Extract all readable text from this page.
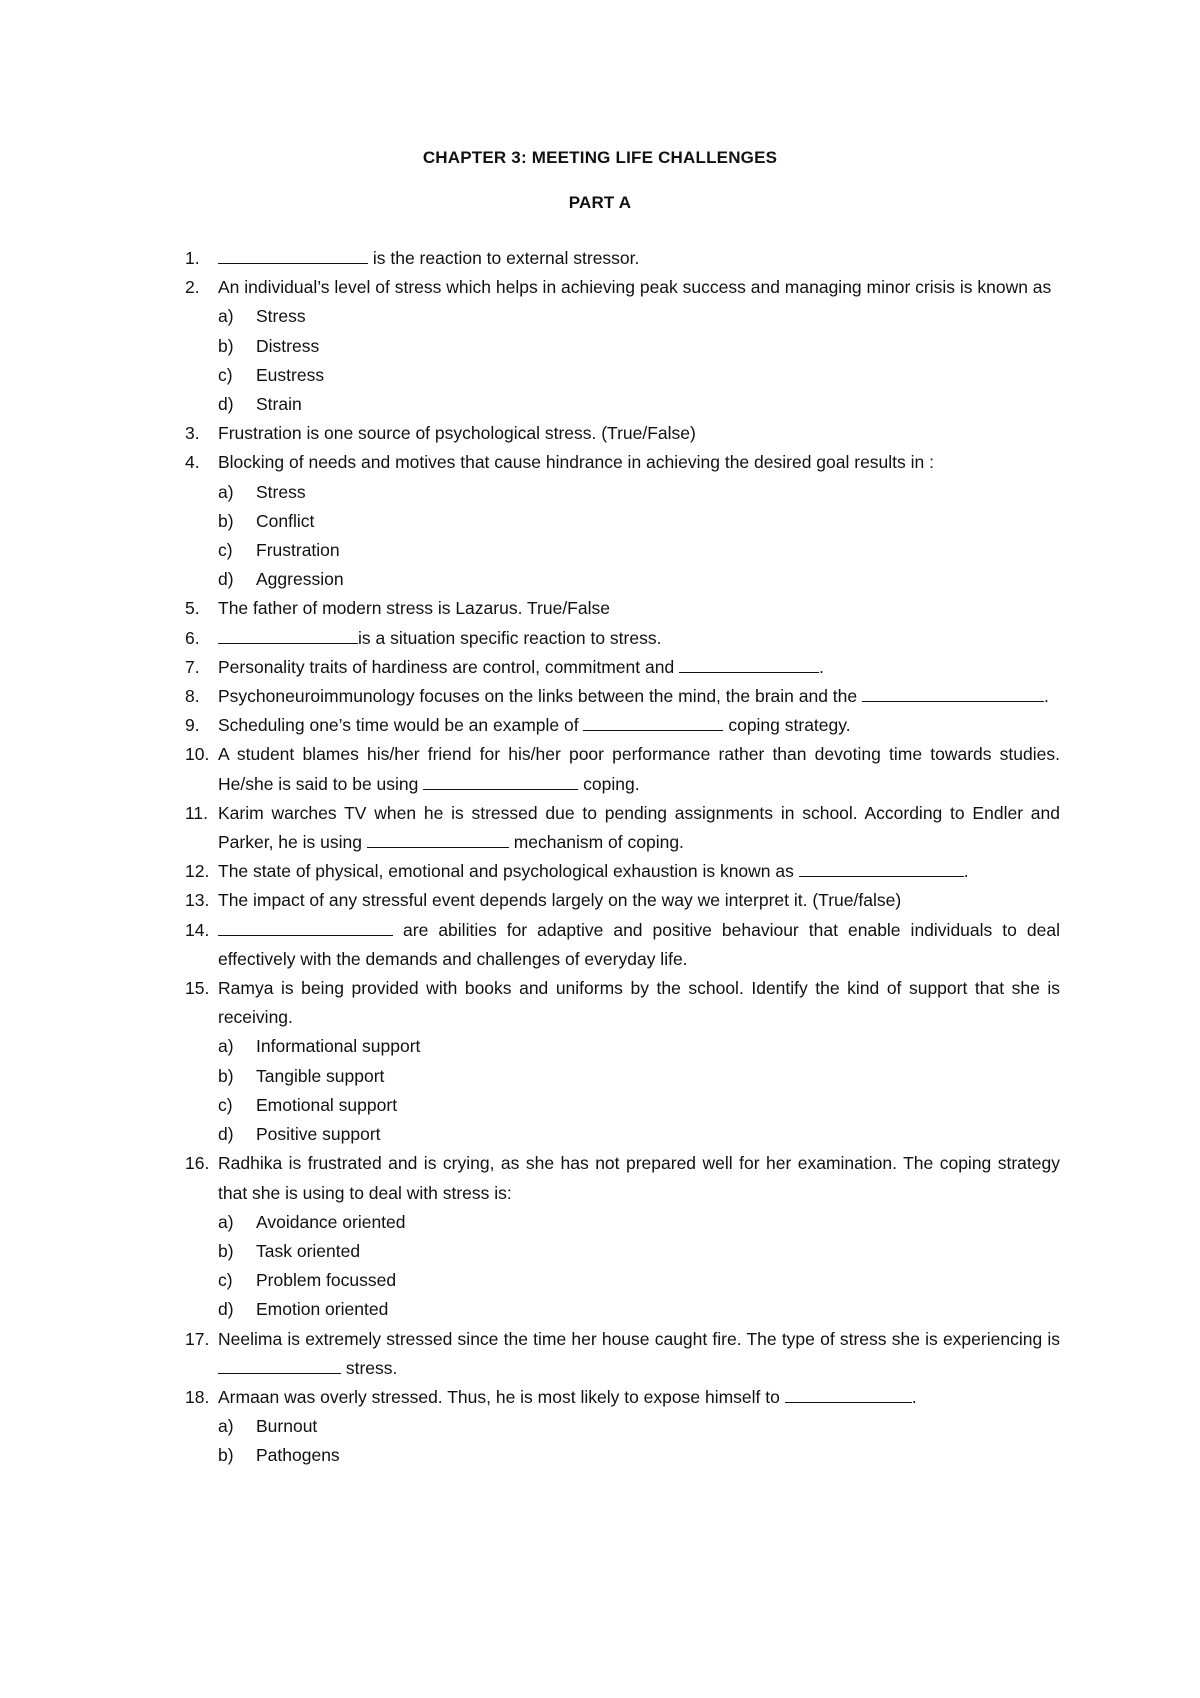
CHAPTER 3: MEETING LIFE CHALLENGES
PART A
1.	is the reaction to external stressor.
2. An individual’s level of stress which helps in achieving peak success and managing minor crisis is known as
a) Stress
b) Distress
c) Eustress
d) Strain
3. Frustration is one source of psychological stress. (True/False)
4. Blocking of needs and motives that cause hindrance in achieving the desired goal results in :
a) Stress
b) Conflict
c) Frustration
d) Aggression
5. The father of modern stress is Lazarus. True/False
6.	is a situation specific reaction to stress.
7. Personality traits of hardiness are control, commitment and	.
8. Psychoneuroimmunology focuses on the links between the mind, the brain and the	.
9. Scheduling one’s time would be an example of	coping strategy.
10. A student blames his/her friend for his/her poor performance rather than devoting time towards studies. He/she is said to be using	coping.
11. Karim warches TV when he is stressed due to pending assignments in school. According to Endler and Parker, he is using	mechanism of coping.
12. The state of physical, emotional and psychological exhaustion is known as	.
13. The impact of any stressful event depends largely on the way we interpret it. (True/false)
14.	are abilities for adaptive and positive behaviour that enable individuals to deal effectively with the demands and challenges of everyday life.
15. Ramya is being provided with books and uniforms by the school. Identify the kind of support that she is receiving.
a) Informational support
b) Tangible support
c) Emotional support
d) Positive support
16. Radhika is frustrated and is crying, as she has not prepared well for her examination. The coping strategy that she is using to deal with stress is:
a) Avoidance oriented
b) Task oriented
c) Problem focussed
d) Emotion oriented
17. Neelima is extremely stressed since the time her house caught fire. The type of stress she is experiencing is  stress.
18. Armaan was overly stressed. Thus, he is most likely to expose himself to	.
a) Burnout
b) Pathogens
